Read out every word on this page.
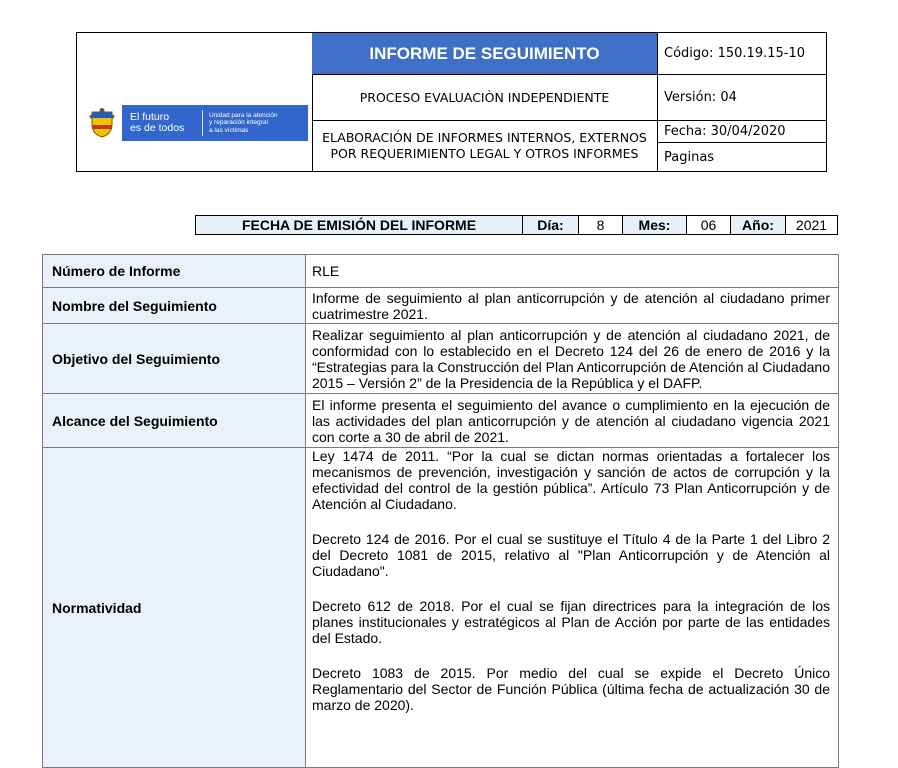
El futuro
es de todos
Unidad para la atención
y reparación integral
a las víctimas
INFORME DE SEGUIMIENTO
PROCESO EVALUACIÒN INDEPENDIENTE
ELABORACIÓN DE INFORMES INTERNOS, EXTERNOS POR REQUERIMIENTO LEGAL Y OTROS INFORMES
Código: 150.19.15-10
Versión: 04
Fecha: 30/04/2020
Paginas
FECHA DE EMISIÓN DEL INFORME	Día:	8	Mes:	06	Año:	2021
Número de Informe	RLE
Nombre del Seguimiento	Informe de seguimiento al plan anticorrupción y de atención al ciudadano primer cuatrimestre 2021.
Objetivo del Seguimiento	Realizar seguimiento al plan anticorrupción y de atención al ciudadano 2021, de conformidad con lo establecido en el Decreto 124 del 26 de enero de 2016 y la “Estrategias para la Construcción del Plan Anticorrupción de Atención al Ciudadano 2015 – Versión 2” de la Presidencia de la República y el DAFP.
Alcance del Seguimiento	El informe presenta el seguimiento del avance o cumplimiento en la ejecución de las actividades del plan anticorrupción y de atención al ciudadano vigencia 2021 con corte a 30 de abril de 2021.
Normatividad	Ley 1474 de 2011. “Por la cual se dictan normas orientadas a fortalecer los mecanismos de prevención, investigación y sanción de actos de corrupción y la efectividad del control de la gestión pública”. Artículo 73 Plan Anticorrupción y de Atención al Ciudadano.

Decreto 124 de 2016. Por el cual se sustituye el Título 4 de la Parte 1 del Libro 2 del Decreto 1081 de 2015, relativo al "Plan Anticorrupción y de Atención al Ciudadano".

Decreto 612 de 2018. Por el cual se fijan directrices para la integración de los planes institucionales y estratégicos al Plan de Acción por parte de las entidades del Estado.

Decreto 1083 de 2015. Por medio del cual se expide el Decreto Único Reglamentario del Sector de Función Pública (última fecha de actualización 30 de marzo de 2020).
